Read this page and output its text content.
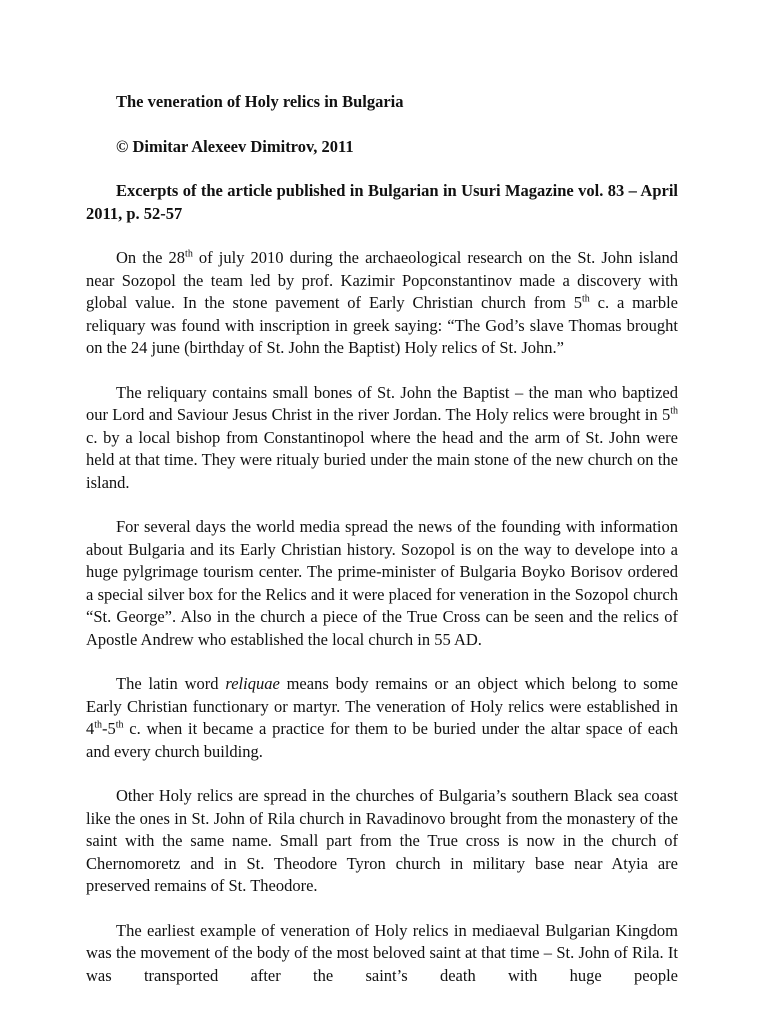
The veneration of Holy relics in Bulgaria

© Dimitar Alexeev Dimitrov, 2011

Excerpts of the article published in Bulgarian in Usuri Magazine vol. 83 – April 2011, p. 52-57

On the 28th of july 2010 during the archaeological research on the St. John island near Sozopol the team led by prof. Kazimir Popconstantinov made a discovery with global value. In the stone pavement of Early Christian church from 5th c. a marble reliquary was found with inscription in greek saying: “The God’s slave Thomas brought on the 24 june (birthday of St. John the Baptist) Holy relics of St. John.”

The reliquary contains small bones of St. John the Baptist – the man who baptized our Lord and Saviour Jesus Christ in the river Jordan. The Holy relics were brought in 5th c. by a local bishop from Constantinopol where the head and the arm of St. John were held at that time. They were ritualy buried under the main stone of the new church on the island.

For several days the world media spread the news of the founding with information about Bulgaria and its Early Christian history. Sozopol is on the way to develope into a huge pylgrimage tourism center. The prime-minister of Bulgaria Boyko Borisov ordered a special silver box for the Relics and it were placed for veneration in the Sozopol church “St. George”. Also in the church a piece of the True Cross can be seen and the relics of Apostle Andrew who established the local church in 55 AD.

The latin word reliquae means body remains or an object which belong to some Early Christian functionary or martyr. The veneration of Holy relics were established in 4th-5th c. when it became a practice for them to be buried under the altar space of each and every church building.

Other Holy relics are spread in the churches of Bulgaria’s southern Black sea coast like the ones in St. John of Rila church in Ravadinovo brought from the monastery of the saint with the same name. Small part from the True cross is now in the church of Chernomoretz and in St. Theodore Tyron church in military base near Atyia are preserved remains of St. Theodore.

The earliest example of veneration of Holy relics in mediaeval Bulgarian Kingdom was the movement of the body of the most beloved saint at that time – St. John of Rila. It was transported after the saint’s death with huge people
